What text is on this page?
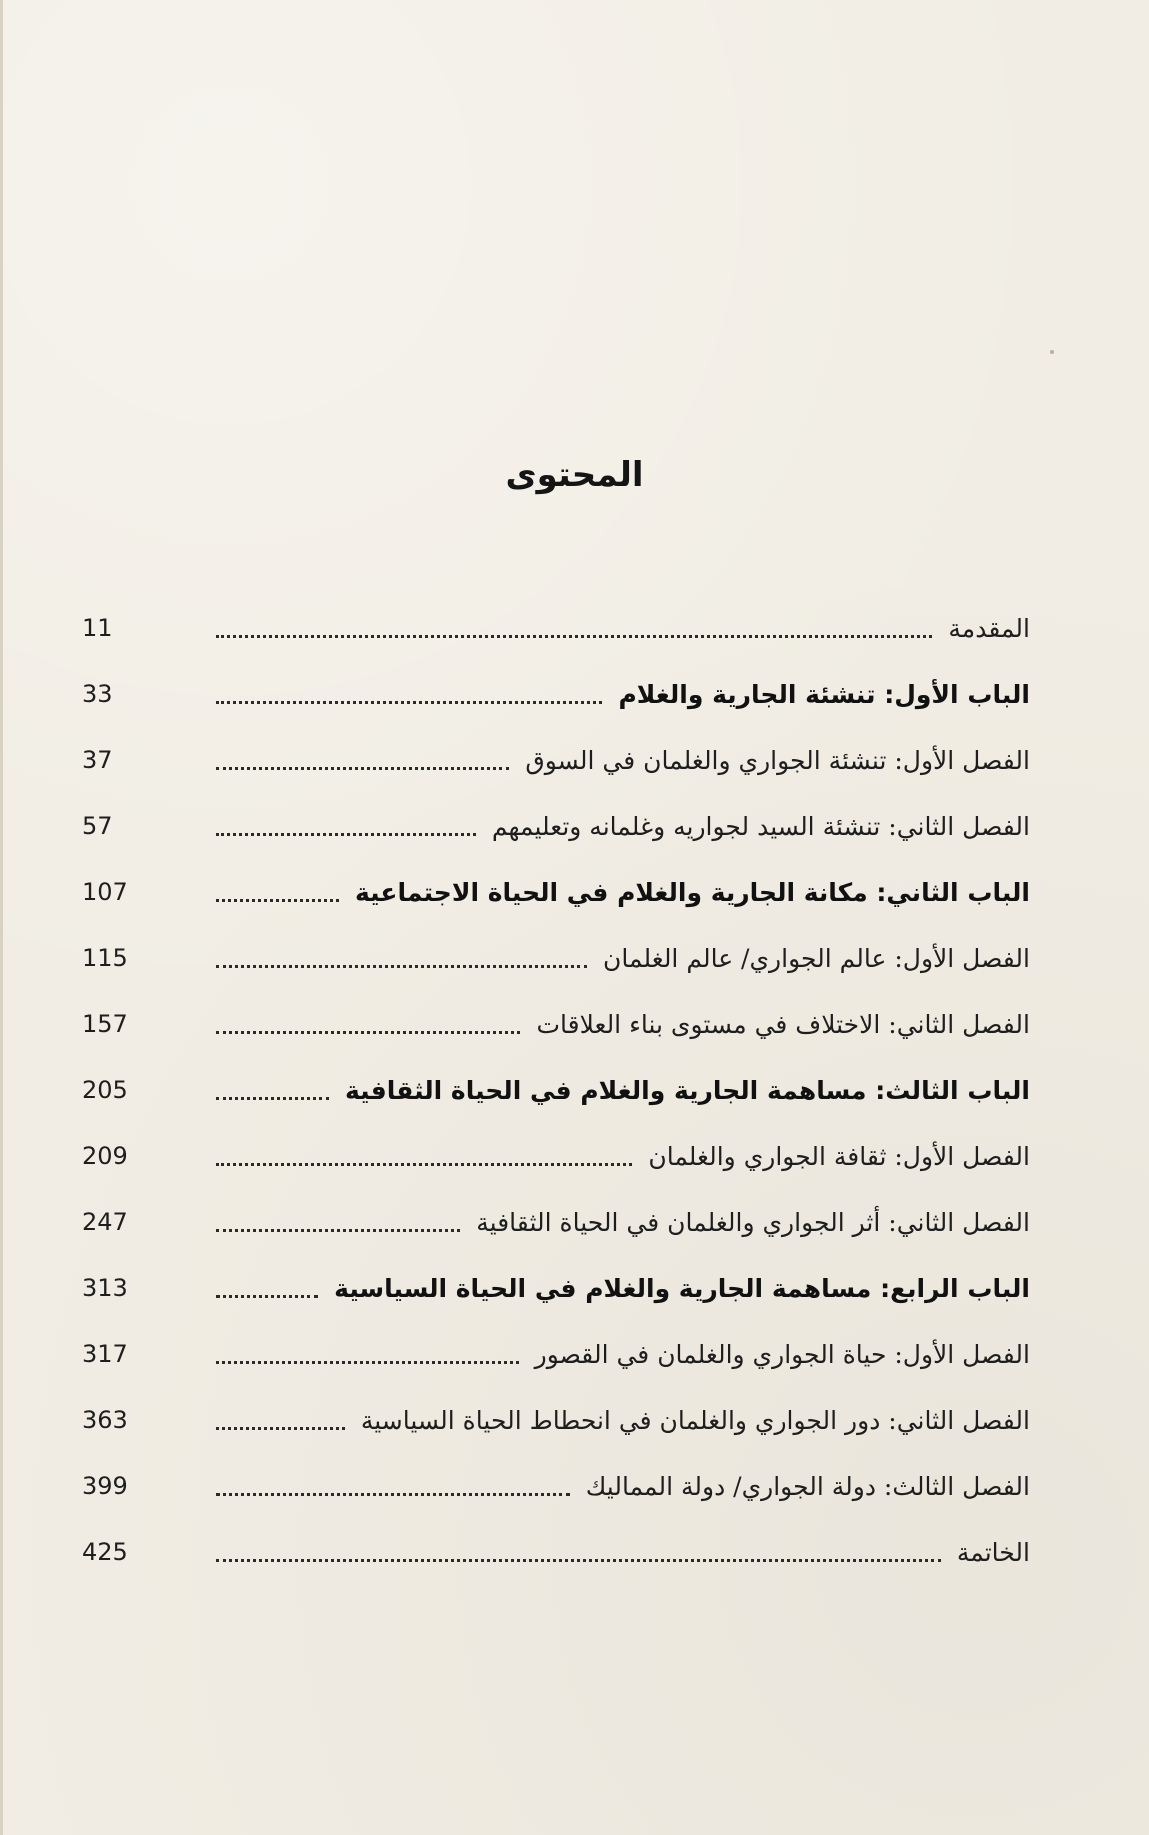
المحتوى
11	المقدمة
33	الباب الأول: تنشئة الجارية والغلام
37	الفصل الأول: تنشئة الجواري والغلمان في السوق
57	الفصل الثاني: تنشئة السيد لجواريه وغلمانه وتعليمهم
107	الباب الثاني: مكانة الجارية والغلام في الحياة الاجتماعية
115	الفصل الأول: عالم الجواري/ عالم الغلمان
157	الفصل الثاني: الاختلاف في مستوى بناء العلاقات
205	الباب الثالث: مساهمة الجارية والغلام في الحياة الثقافية
209	الفصل الأول: ثقافة الجواري والغلمان
247	الفصل الثاني: أثر الجواري والغلمان في الحياة الثقافية
313	الباب الرابع: مساهمة الجارية والغلام في الحياة السياسية
317	الفصل الأول: حياة الجواري والغلمان في القصور
363	الفصل الثاني: دور الجواري والغلمان في انحطاط الحياة السياسية
399	الفصل الثالث: دولة الجواري/ دولة المماليك
425	الخاتمة
